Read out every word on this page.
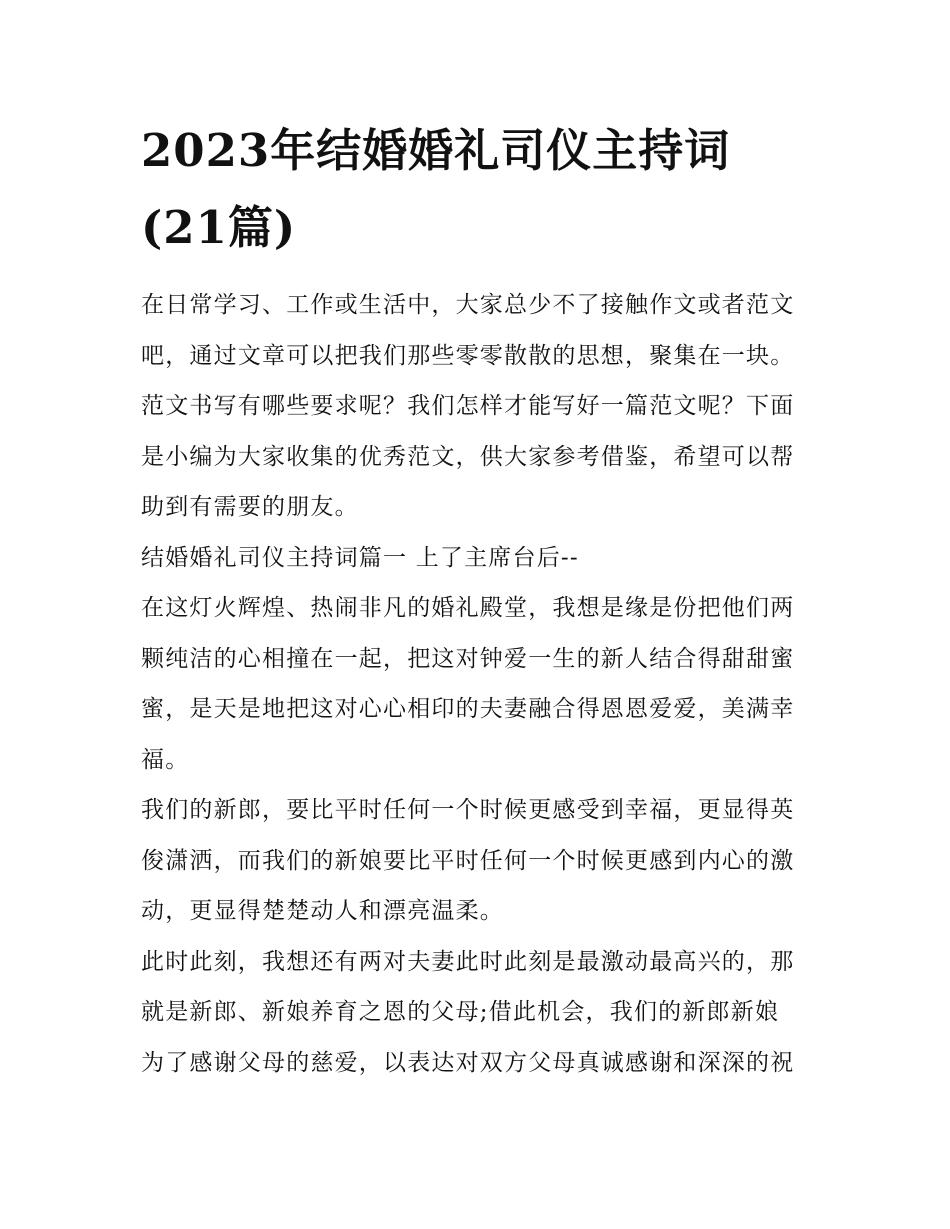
2023年结婚婚礼司仪主持词
(21篇)

在日常学习、工作或生活中，大家总少不了接触作文或者范文
吧，通过文章可以把我们那些零零散散的思想，聚集在一块。
范文书写有哪些要求呢？我们怎样才能写好一篇范文呢？下面
是小编为大家收集的优秀范文，供大家参考借鉴，希望可以帮
助到有需要的朋友。

结婚婚礼司仪主持词篇一 上了主席台后--

在这灯火辉煌、热闹非凡的婚礼殿堂，我想是缘是份把他们两
颗纯洁的心相撞在一起，把这对钟爱一生的新人结合得甜甜蜜
蜜，是天是地把这对心心相印的夫妻融合得恩恩爱爱，美满幸
福。

我们的新郎，要比平时任何一个时候更感受到幸福，更显得英
俊潇洒，而我们的新娘要比平时任何一个时候更感到内心的激
动，更显得楚楚动人和漂亮温柔。

此时此刻，我想还有两对夫妻此时此刻是最激动最高兴的，那
就是新郎、新娘养育之恩的父母;借此机会，我们的新郎新娘
为了感谢父母的慈爱，以表达对双方父母真诚感谢和深深的祝
